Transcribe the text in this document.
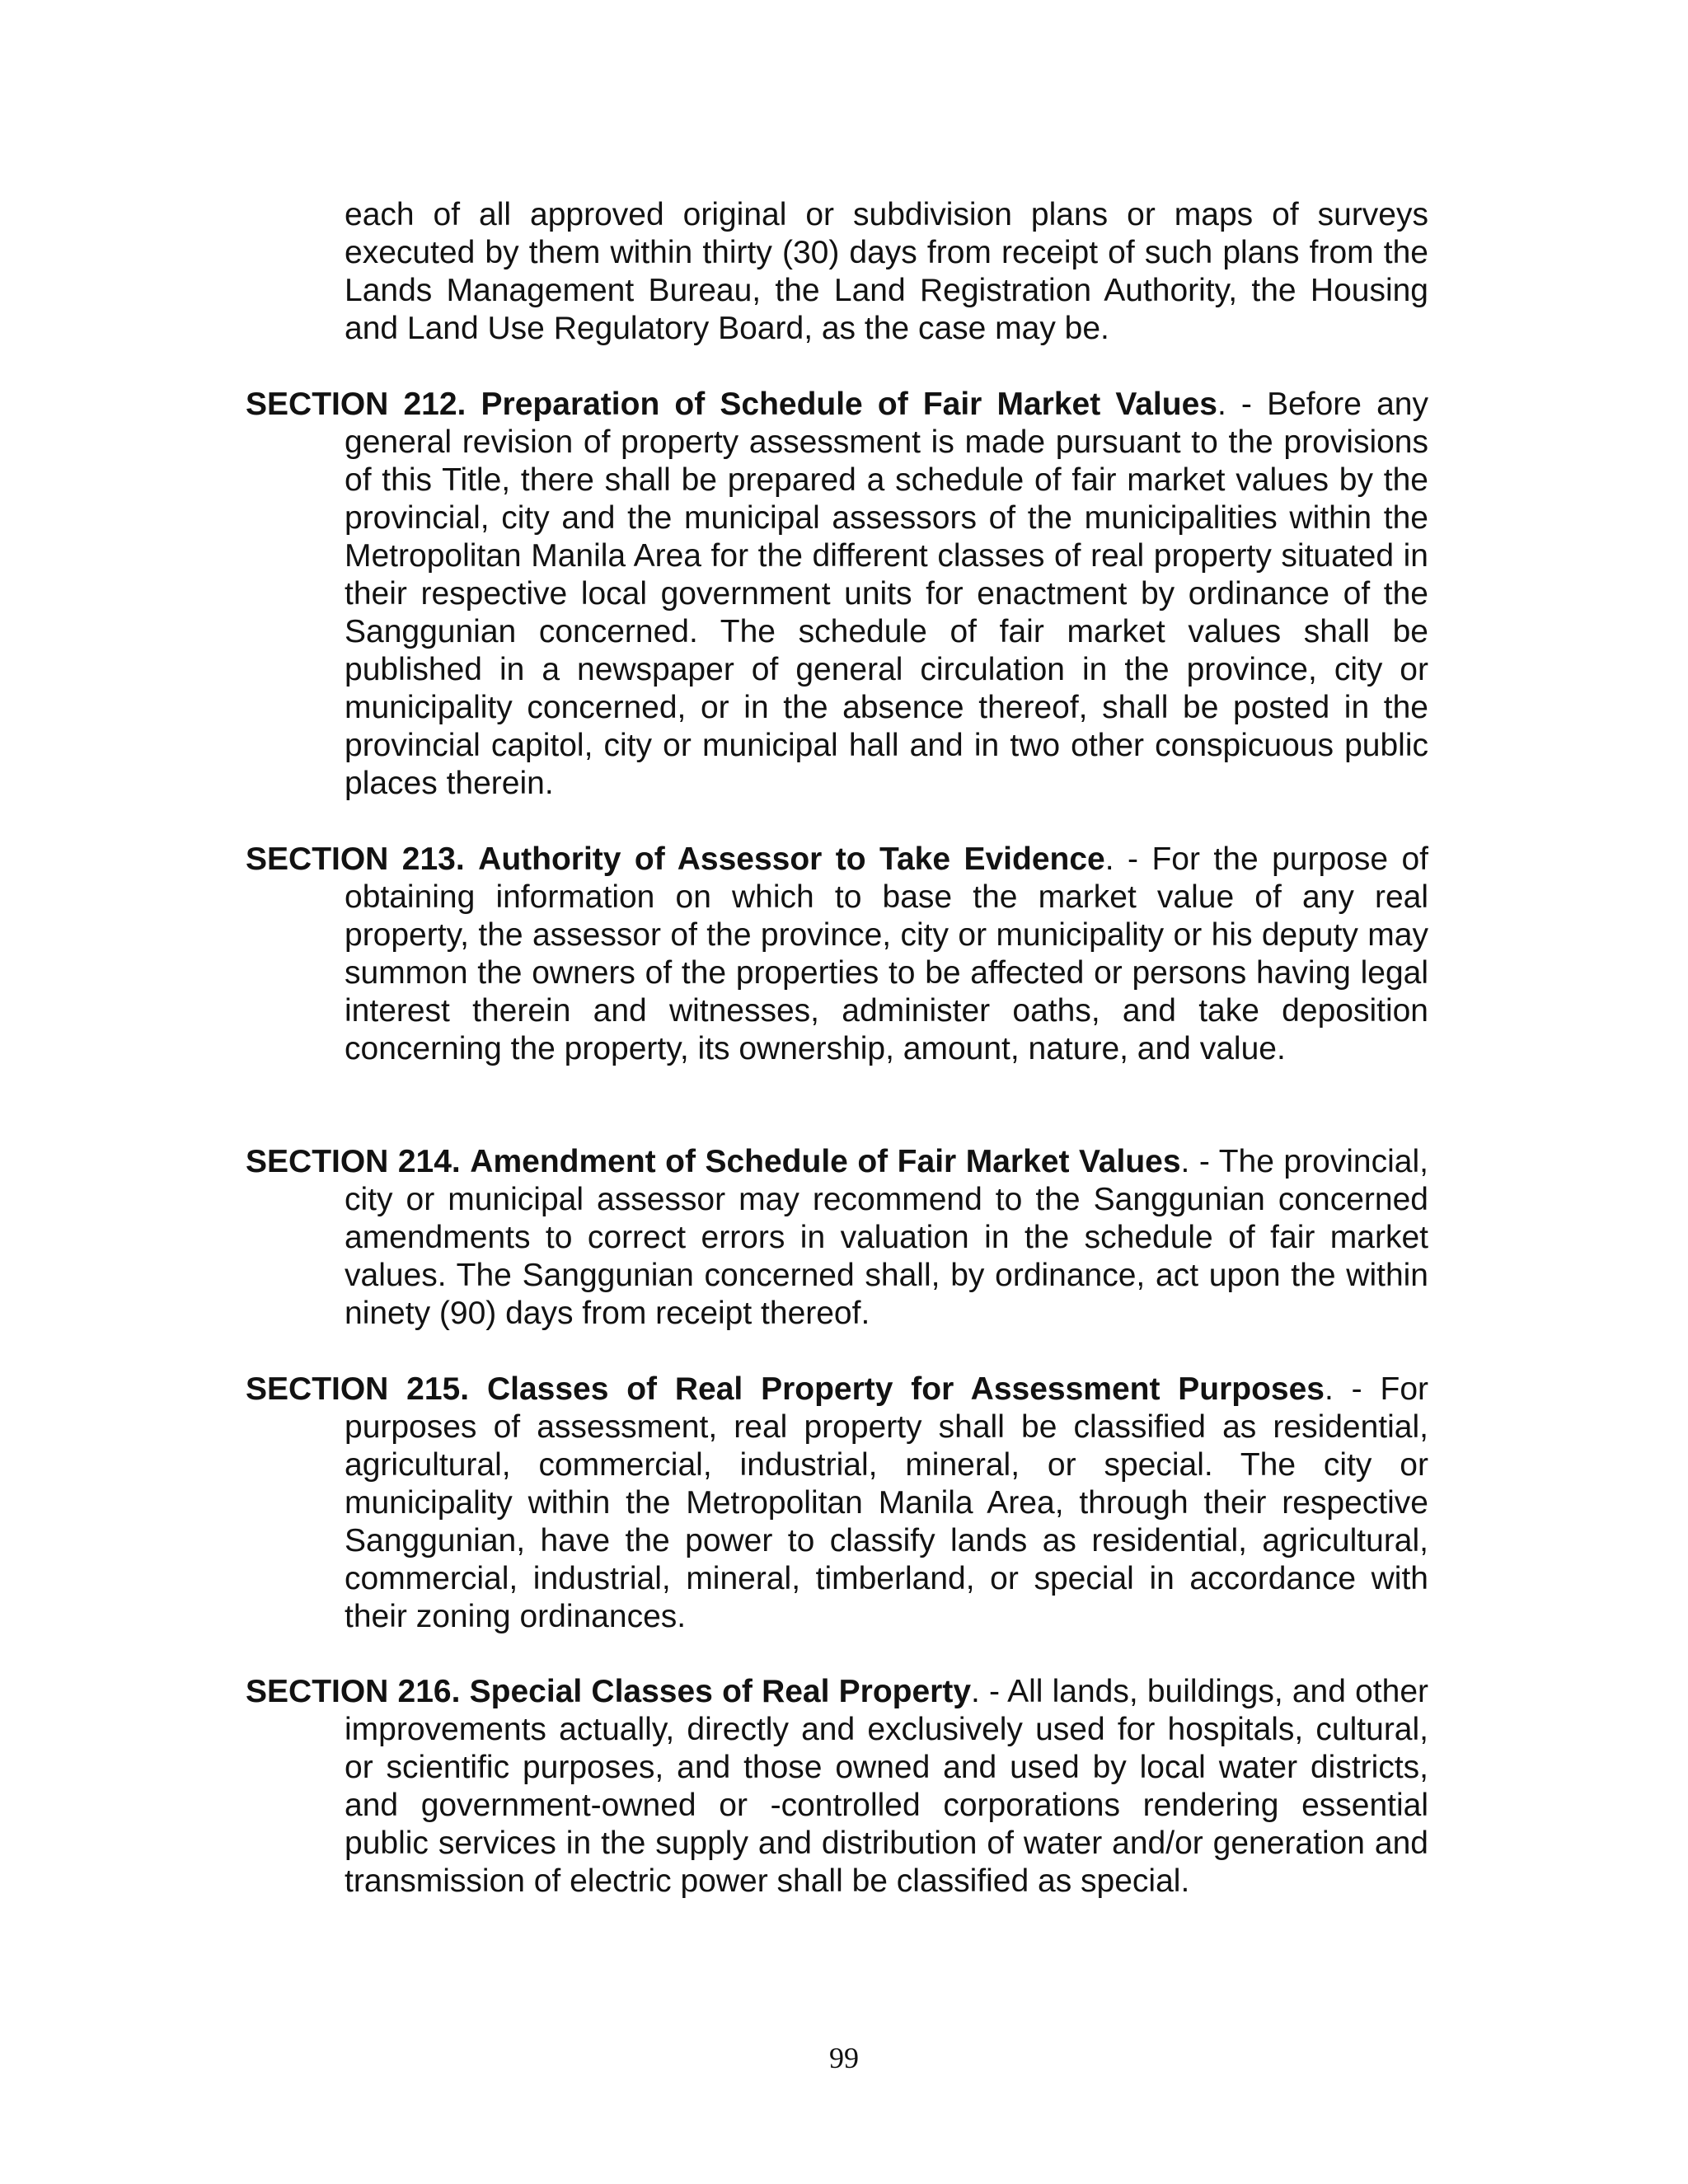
each of all approved original or subdivision plans or maps of surveys executed by them within thirty (30) days from receipt of such plans from the Lands Management Bureau, the Land Registration Authority, the Housing and Land Use Regulatory Board, as the case may be.

SECTION 212. Preparation of Schedule of Fair Market Values. - Before any general revision of property assessment is made pursuant to the provisions of this Title, there shall be prepared a schedule of fair market values by the provincial, city and the municipal assessors of the municipalities within the Metropolitan Manila Area for the different classes of real property situated in their respective local government units for enactment by ordinance of the Sanggunian concerned. The schedule of fair market values shall be published in a newspaper of general circulation in the province, city or municipality concerned, or in the absence thereof, shall be posted in the provincial capitol, city or municipal hall and in two other conspicuous public places therein.

SECTION 213. Authority of Assessor to Take Evidence. - For the purpose of obtaining information on which to base the market value of any real property, the assessor of the province, city or municipality or his deputy may summon the owners of the properties to be affected or persons having legal interest therein and witnesses, administer oaths, and take deposition concerning the property, its ownership, amount, nature, and value.

SECTION 214. Amendment of Schedule of Fair Market Values. - The provincial, city or municipal assessor may recommend to the Sanggunian concerned amendments to correct errors in valuation in the schedule of fair market values. The Sanggunian concerned shall, by ordinance, act upon the within ninety (90) days from receipt thereof.

SECTION 215. Classes of Real Property for Assessment Purposes. - For purposes of assessment, real property shall be classified as residential, agricultural, commercial, industrial, mineral, or special. The city or municipality within the Metropolitan Manila Area, through their respective Sanggunian, have the power to classify lands as residential, agricultural, commercial, industrial, mineral, timberland, or special in accordance with their zoning ordinances.

SECTION 216. Special Classes of Real Property. - All lands, buildings, and other improvements actually, directly and exclusively used for hospitals, cultural, or scientific purposes, and those owned and used by local water districts, and government-owned or -controlled corporations rendering essential public services in the supply and distribution of water and/or generation and transmission of electric power shall be classified as special.

99
